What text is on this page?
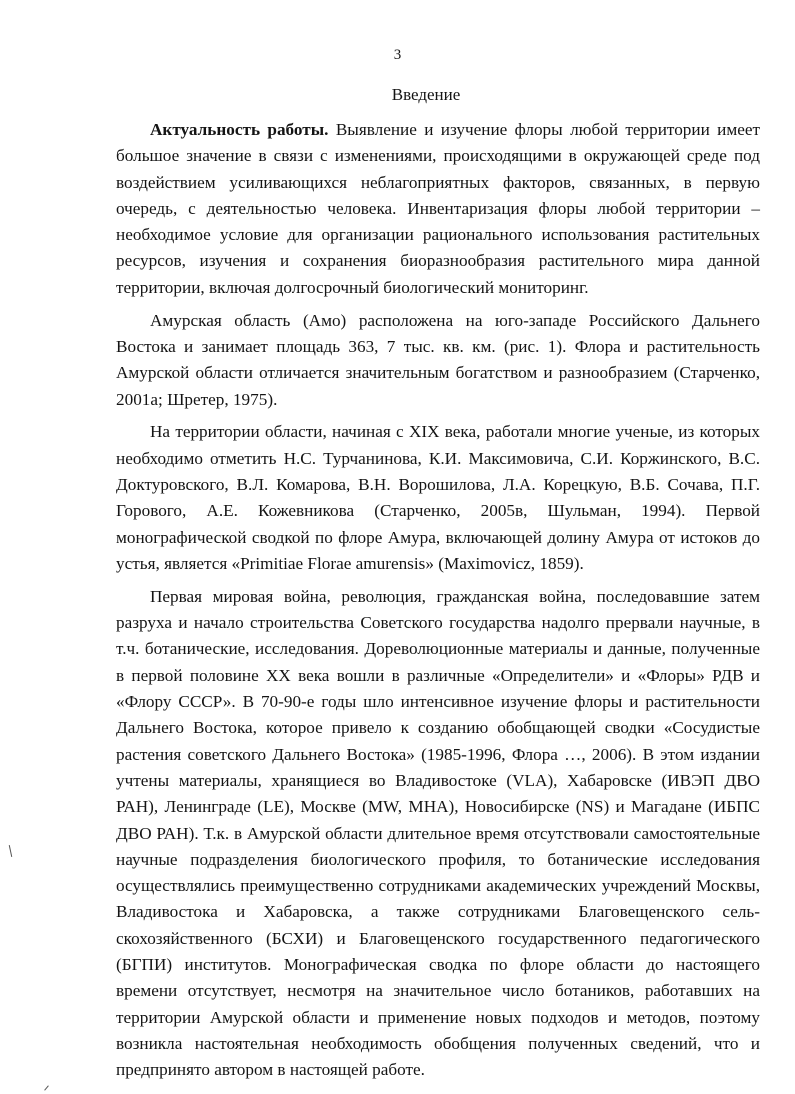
3
Введение

Актуальность работы. Выявление и изучение флоры любой территории имеет большое значение в связи с изменениями, происходящими в окружающей среде под воздействием усиливающихся неблагоприятных факторов, связанных, в первую очередь, с деятельностью человека. Инвентаризация флоры любой территории – необходимое условие для организации рационального использования растительных ресурсов, изучения и сохранения биоразнообразия растительного мира данной территории, включая долгосрочный биологический мониторинг.

Амурская область (Амо) расположена на юго-западе Российского Дальнего Востока и занимает площадь 363, 7 тыс. кв. км. (рис. 1). Флора и растительность Амурской области отличается значительным богатством и разнообразием (Старченко, 2001а; Шретер, 1975).

На территории области, начиная с XIX века, работали многие ученые, из которых необходимо отметить Н.С. Турчанинова, К.И. Максимовича, С.И. Коржинского, В.С. Доктуровского, В.Л. Комарова, В.Н. Ворошилова, Л.А. Корецкую, В.Б. Сочава, П.Г. Горового, А.Е. Кожевникова (Старченко, 2005в, Шульман, 1994). Первой монографической сводкой по флоре Амура, включающей долину Амура от истоков до устья, является «Primitiae Florae amurensis» (Maximovicz, 1859).

Первая мировая война, революция, гражданская война, последовавшие затем разруха и начало строительства Советского государства надолго прервали научные, в т.ч. ботанические, исследования. Дореволюционные материалы и данные, полученные в первой половине XX века вошли в различные «Определители» и «Флоры» РДВ и «Флору СССР». В 70-90-е годы шло интенсивное изучение флоры и растительности Дальнего Востока, которое привело к созданию обобщающей сводки «Сосудистые растения советского Дальнего Востока» (1985-1996, Флора …, 2006). В этом издании учтены материалы, хранящиеся во Владивостоке (VLA), Хабаровске (ИВЭП ДВО РАН), Ленинграде (LE), Москве (MW, MHA), Новосибирске (NS) и Магадане (ИБПС ДВО РАН). Т.к. в Амурской области длительное время отсутствовали самостоятельные научные подразделения биологического профиля, то ботанические исследования осуществлялись преимущественно сотрудниками академических учреждений Москвы, Владивостока и Хабаровска, а также сотрудниками Благовещенского сельскохозяйственного (БСХИ) и Благовещенского государственного педагогического (БГПИ) институтов. Монографическая сводка по флоре области до настоящего времени отсутствует, несмотря на значительное число ботаников, работавших на территории Амурской области и применение новых подходов и методов, поэтому возникла настоятельная необходимость обобщения полученных сведений, что и предпринято автором в настоящей работе.
